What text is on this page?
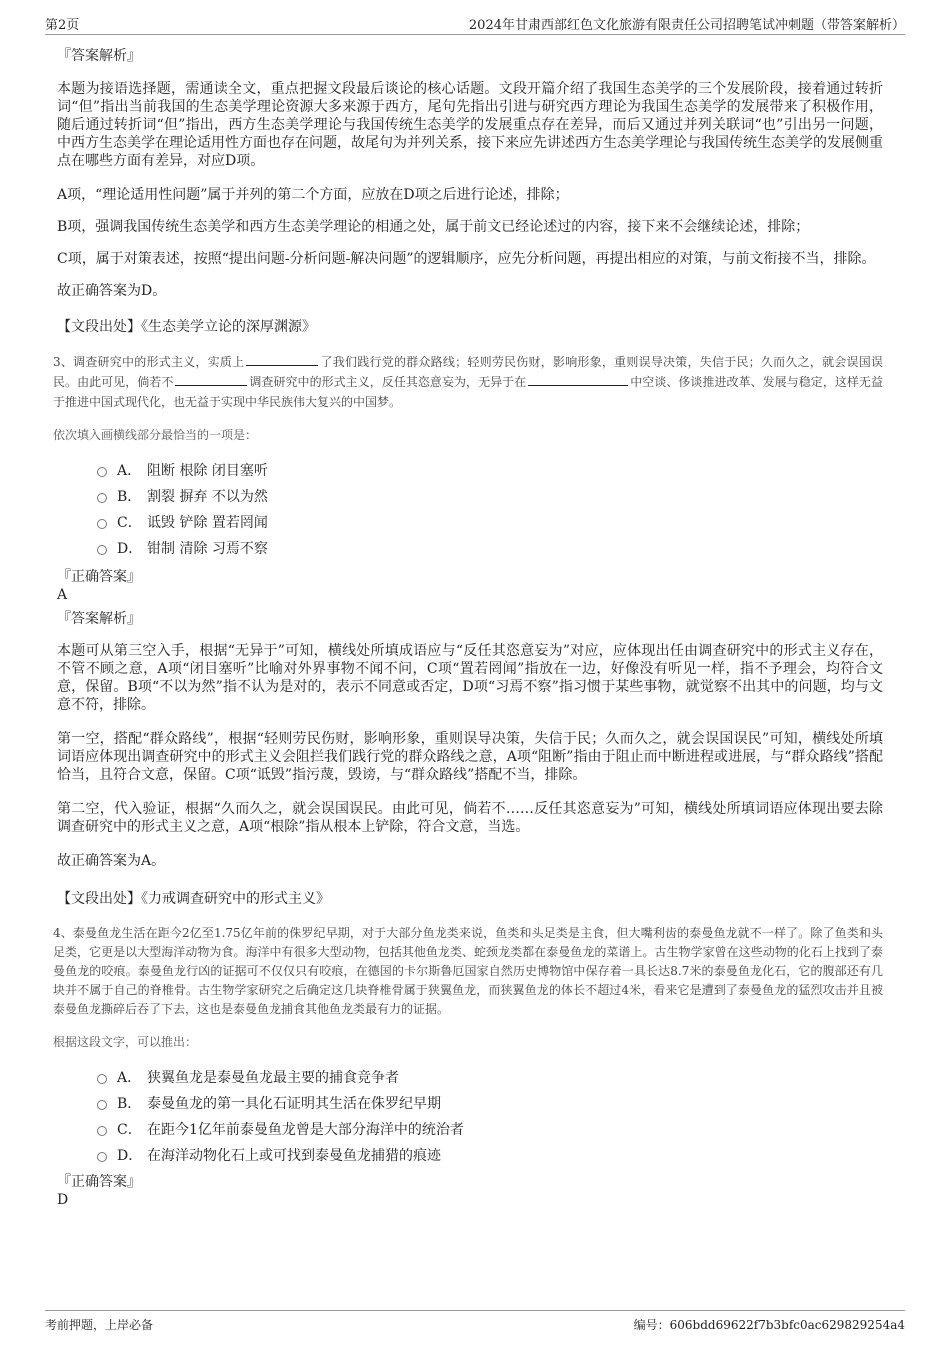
第2页	2024年甘肃西部红色文化旅游有限责任公司招聘笔试冲刺题（带答案解析）

『答案解析』

本题为接语选择题，需通读全文，重点把握文段最后谈论的核心话题。文段开篇介绍了我国生态美学的三个发展阶段，接着通过转折词“但”指出当前我国的生态美学理论资源大多来源于西方，尾句先指出引进与研究西方理论为我国生态美学的发展带来了积极作用，随后通过转折词“但”指出，西方生态美学理论与我国传统生态美学的发展重点存在差异，而后又通过并列关联词“也”引出另一问题，中西方生态美学在理论适用性方面也存在问题，故尾句为并列关系，接下来应先讲述西方生态美学理论与我国传统生态美学的发展侧重点在哪些方面有差异，对应D项。

A项，“理论适用性问题”属于并列的第二个方面，应放在D项之后进行论述，排除；

B项，强调我国传统生态美学和西方生态美学理论的相通之处，属于前文已经论述过的内容，接下来不会继续论述，排除；

C项，属于对策表述，按照“提出问题-分析问题-解决问题”的逻辑顺序，应先分析问题，再提出相应的对策，与前文衔接不当，排除。

故正确答案为D。

【文段出处】《生态美学立论的深厚渊源》

3、调查研究中的形式主义，实质上	了我们践行党的群众路线；轻则劳民伤财，影响形象，重则误导决策，失信于民；久而久之，就会误国误民。由此可见，倘若不	调查研究中的形式主义，反任其恣意妄为，无异于在	中空谈、侈谈推进改革、发展与稳定，这样无益于推进中国式现代化，也无益于实现中华民族伟大复兴的中国梦。

依次填入画横线部分最恰当的一项是：

A． 阻断 根除 闭目塞听
B． 割裂 摒弃 不以为然
C． 诋毁 铲除 置若罔闻
D． 钳制 清除 习焉不察

『正确答案』

A

『答案解析』

本题可从第三空入手，根据“无异于”可知，横线处所填成语应与“反任其恣意妄为”对应，应体现出任由调查研究中的形式主义存在，不管不顾之意，A项“闭目塞听”比喻对外界事物不闻不问，C项“置若罔闻”指放在一边，好像没有听见一样，指不予理会，均符合文意，保留。B项“不以为然”指不认为是对的，表示不同意或否定，D项“习焉不察”指习惯于某些事物，就觉察不出其中的问题，均与文意不符，排除。

第一空，搭配“群众路线”，根据“轻则劳民伤财，影响形象，重则误导决策，失信于民；久而久之，就会误国误民”可知，横线处所填词语应体现出调查研究中的形式主义会阻拦我们践行党的群众路线之意，A项“阻断”指由于阻止而中断进程或进展，与“群众路线”搭配恰当，且符合文意，保留。C项“诋毁”指污蔑，毁谤，与“群众路线”搭配不当，排除。

第二空，代入验证，根据“久而久之，就会误国误民。由此可见，倘若不……反任其恣意妄为”可知，横线处所填词语应体现出要去除调查研究中的形式主义之意，A项“根除”指从根本上铲除，符合文意，当选。

故正确答案为A。

【文段出处】《力戒调查研究中的形式主义》

4、泰曼鱼龙生活在距今2亿至1.75亿年前的侏罗纪早期，对于大部分鱼龙类来说，鱼类和头足类是主食，但大嘴利齿的泰曼鱼龙就不一样了。除了鱼类和头足类，它更是以大型海洋动物为食。海洋中有很多大型动物，包括其他鱼龙类、蛇颈龙类都在泰曼鱼龙的菜谱上。古生物学家曾在这些动物的化石上找到了泰曼鱼龙的咬痕。泰曼鱼龙行凶的证据可不仅仅只有咬痕，在德国的卡尔斯鲁厄国家自然历史博物馆中保存着一具长达8.7米的泰曼鱼龙化石，它的腹部还有几块并不属于自己的脊椎骨。古生物学家研究之后确定这几块脊椎骨属于狭翼鱼龙，而狭翼鱼龙的体长不超过4米，看来它是遭到了泰曼鱼龙的猛烈攻击并且被泰曼鱼龙撕碎后吞了下去，这也是泰曼鱼龙捕食其他鱼龙类最有力的证据。

根据这段文字，可以推出：

A． 狭翼鱼龙是泰曼鱼龙最主要的捕食竞争者
B． 泰曼鱼龙的第一具化石证明其生活在侏罗纪早期
C． 在距今1亿年前泰曼鱼龙曾是大部分海洋中的统治者
D． 在海洋动物化石上或可找到泰曼鱼龙捕猎的痕迹

『正确答案』

D

考前押题，上岸必备	编号：606bdd69622f7b3bfc0ac629829254a4
